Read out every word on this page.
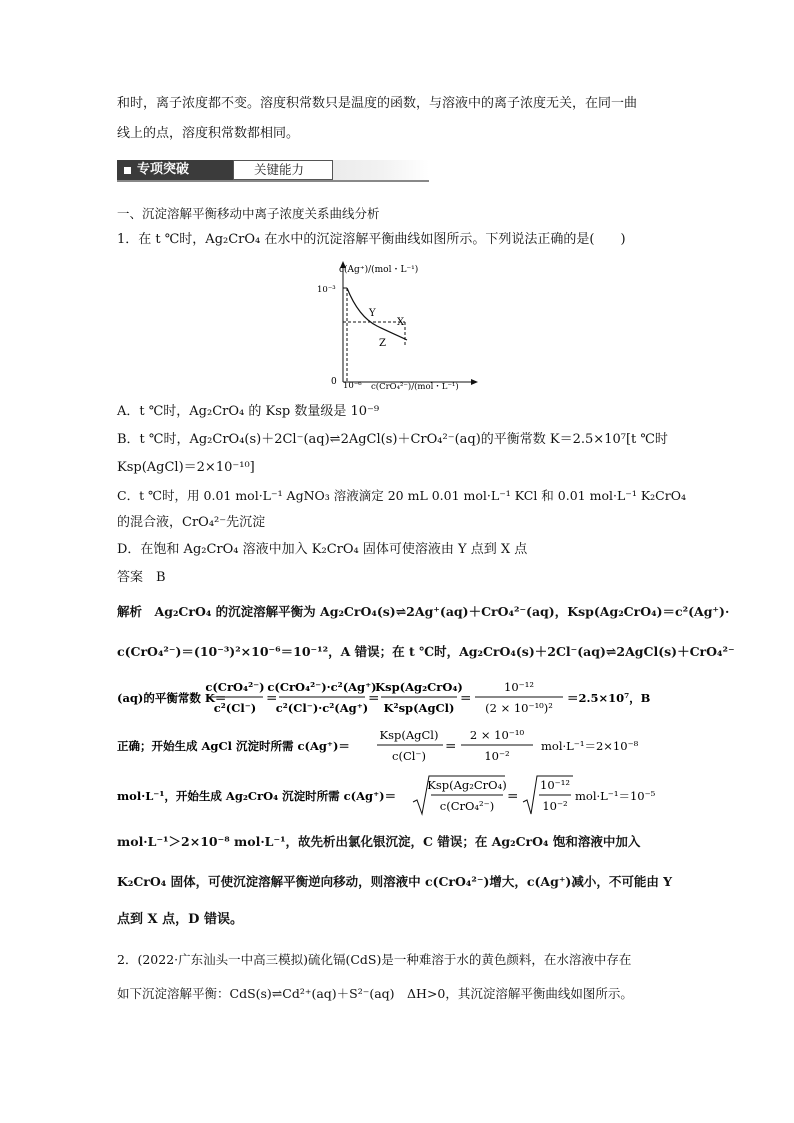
和时，离子浓度都不变。溶度积常数只是温度的函数，与溶液中的离子浓度无关，在同一曲
线上的点，溶度积常数都相同。
专项突破	关键能力
一、沉淀溶解平衡移动中离子浓度关系曲线分析
1．在 t ℃时，Ag₂CrO₄ 在水中的沉淀溶解平衡曲线如图所示。下列说法正确的是(　　)
c(Ag⁺)/(mol・L⁻¹)
c(CrO₄²⁻)/(mol・L⁻¹)
10⁻³
10⁻⁶
0
Y
X
Z
A．t ℃时，Ag₂CrO₄ 的 Ksp 数量级是 10⁻⁹
B．t ℃时，Ag₂CrO₄(s)＋2Cl⁻(aq)⇌2AgCl(s)＋CrO₄²⁻(aq)的平衡常数 K＝2.5×10⁷[t ℃时
Ksp(AgCl)＝2×10⁻¹⁰]
C．t ℃时，用 0.01 mol·L⁻¹ AgNO₃ 溶液滴定 20 mL 0.01 mol·L⁻¹ KCl 和 0.01 mol·L⁻¹ K₂CrO₄
的混合液，CrO₄²⁻先沉淀
D．在饱和 Ag₂CrO₄ 溶液中加入 K₂CrO₄ 固体可使溶液由 Y 点到 X 点
答案　B
解析　Ag₂CrO₄ 的沉淀溶解平衡为 Ag₂CrO₄(s)⇌2Ag⁺(aq)＋CrO₄²⁻(aq)，Ksp(Ag₂CrO₄)＝c²(Ag⁺)·
c(CrO₄²⁻)＝(10⁻³)²×10⁻⁶＝10⁻¹²，A 错误；在 t ℃时，Ag₂CrO₄(s)＋2Cl⁻(aq)⇌2AgCl(s)＋CrO₄²⁻
(aq)的平衡常数 K＝
c(CrO₄²⁻)
c²(Cl⁻)
＝
c(CrO₄²⁻)·c²(Ag⁺)
c²(Cl⁻)·c²(Ag⁺)
＝
Ksp(Ag₂CrO₄)
K²sp(AgCl)
＝
10⁻¹²
(2 × 10⁻¹⁰)²
＝2.5×10⁷，B
正确；开始生成 AgCl 沉淀时所需 c(Ag⁺)＝
Ksp(AgCl)
c(Cl⁻)
＝
2 × 10⁻¹⁰
10⁻²
mol·L⁻¹＝2×10⁻⁸
mol·L⁻¹，开始生成 Ag₂CrO₄ 沉淀时所需 c(Ag⁺)＝
Ksp(Ag₂CrO₄)
c(CrO₄²⁻)
＝
10⁻¹²
10⁻²
mol·L⁻¹＝10⁻⁵
mol·L⁻¹＞2×10⁻⁸ mol·L⁻¹，故先析出氯化银沉淀，C 错误；在 Ag₂CrO₄ 饱和溶液中加入
K₂CrO₄ 固体，可使沉淀溶解平衡逆向移动，则溶液中 c(CrO₄²⁻)增大，c(Ag⁺)减小，不可能由 Y
点到 X 点，D 错误。
2．(2022·广东汕头一中高三模拟)硫化镉(CdS)是一种难溶于水的黄色颜料，在水溶液中存在
如下沉淀溶解平衡：CdS(s)⇌Cd²⁺(aq)＋S²⁻(aq)　ΔH>0，其沉淀溶解平衡曲线如图所示。
